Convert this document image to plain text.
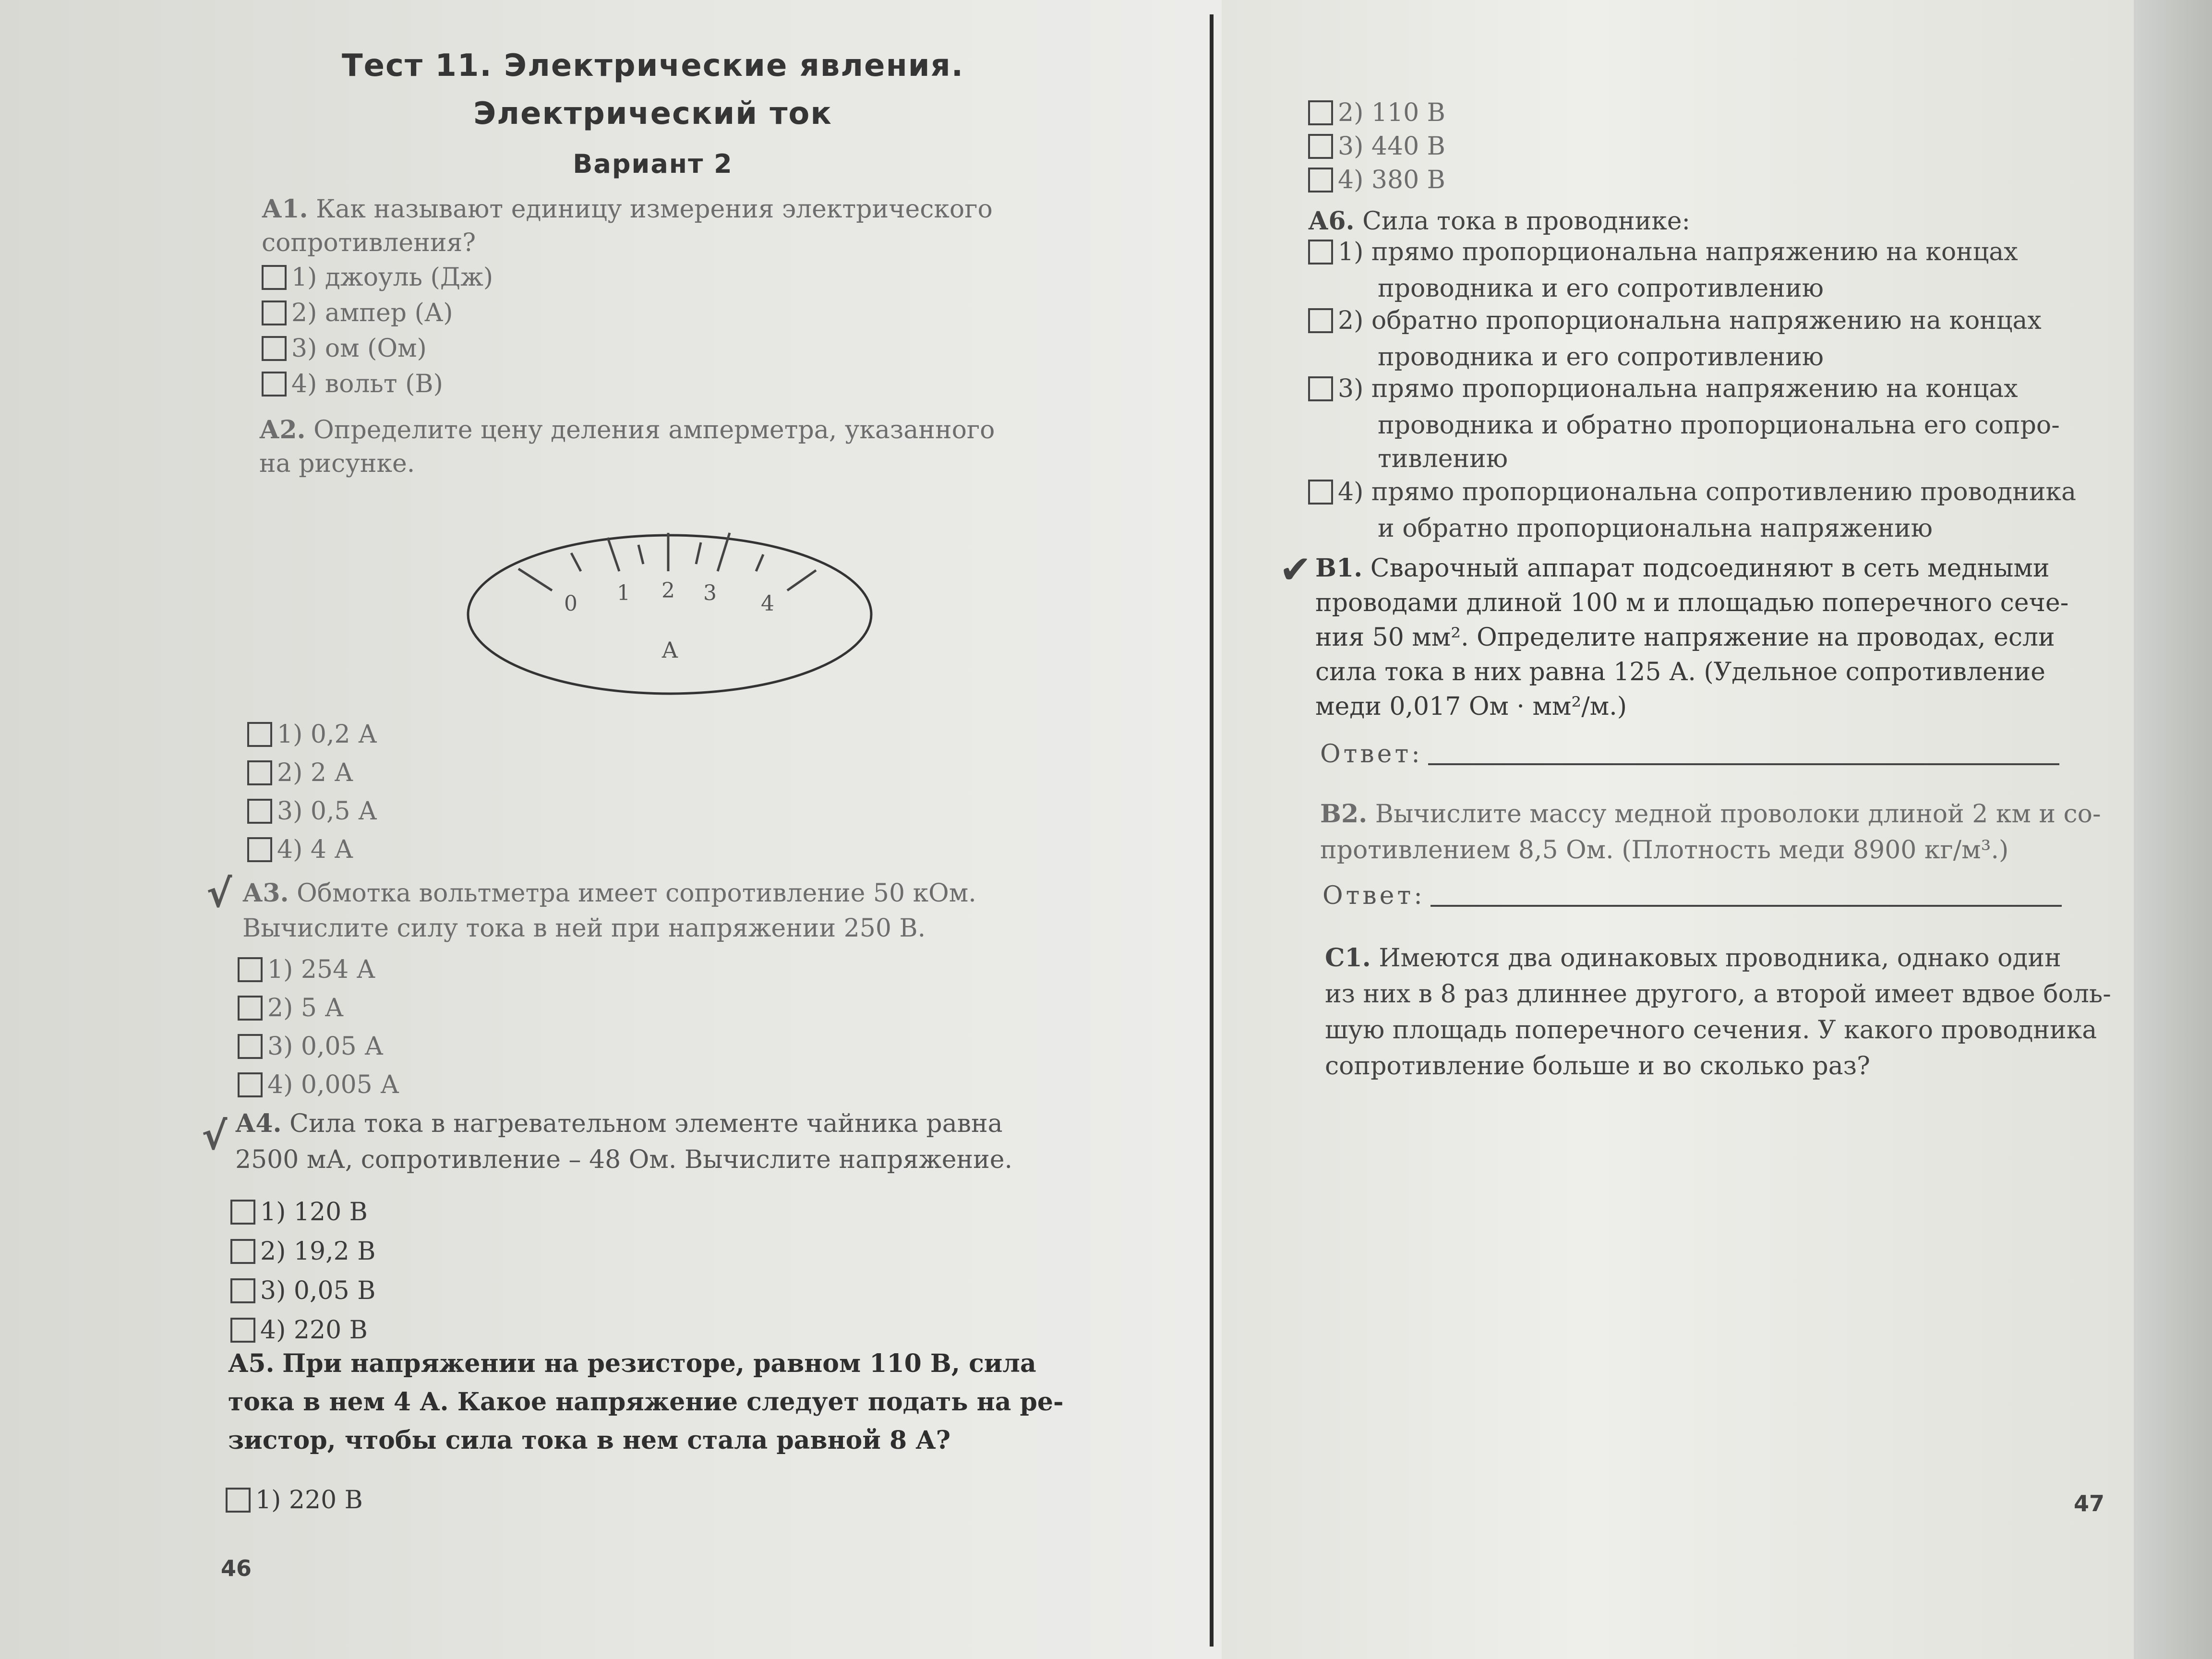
Тест 11. Электрические явления.
Электрический ток
Вариант 2
А1. Как называют единицу измерения электрического
сопротивления?
1) джоуль (Дж)
2) ампер (А)
3) ом (Ом)
4) вольт (В)
А2. Определите цену деления амперметра, указанного
на рисунке.
0 1 2 3 4
А
1) 0,2 А
2) 2 А
3) 0,5 А
4) 4 А
√ А3. Обмотка вольтметра имеет сопротивление 50 кОм.
Вычислите силу тока в ней при напряжении 250 В.
1) 254 А
2) 5 А
3) 0,05 А
4) 0,005 А
√ А4. Сила тока в нагревательном элементе чайника равна
2500 мА, сопротивление – 48 Ом. Вычислите напряжение.
1) 120 В
2) 19,2 В
3) 0,05 В
4) 220 В
А5. При напряжении на резисторе, равном 110 В, сила
тока в нем 4 А. Какое напряжение следует подать на ре-
зистор, чтобы сила тока в нем стала равной 8 А?
1) 220 В
46
2) 110 В
3) 440 В
4) 380 В
А6. Сила тока в проводнике:
1) прямо пропорциональна напряжению на концах
проводника и его сопротивлению
2) обратно пропорциональна напряжению на концах
проводника и его сопротивлению
3) прямо пропорциональна напряжению на концах
проводника и обратно пропорциональна его сопро-
тивлению
4) прямо пропорциональна сопротивлению проводника
и обратно пропорциональна напряжению
✔ В1. Сварочный аппарат подсоединяют в сеть медными
проводами длиной 100 м и площадью поперечного сече-
ния 50 мм². Определите напряжение на проводах, если
сила тока в них равна 125 А. (Удельное сопротивление
меди 0,017 Ом · мм²/м.)
Ответ:
В2. Вычислите массу медной проволоки длиной 2 км и со-
противлением 8,5 Ом. (Плотность меди 8900 кг/м³.)
Ответ:
С1. Имеются два одинаковых проводника, однако один
из них в 8 раз длиннее другого, а второй имеет вдвое боль-
шую площадь поперечного сечения. У какого проводника
сопротивление больше и во сколько раз?
47
